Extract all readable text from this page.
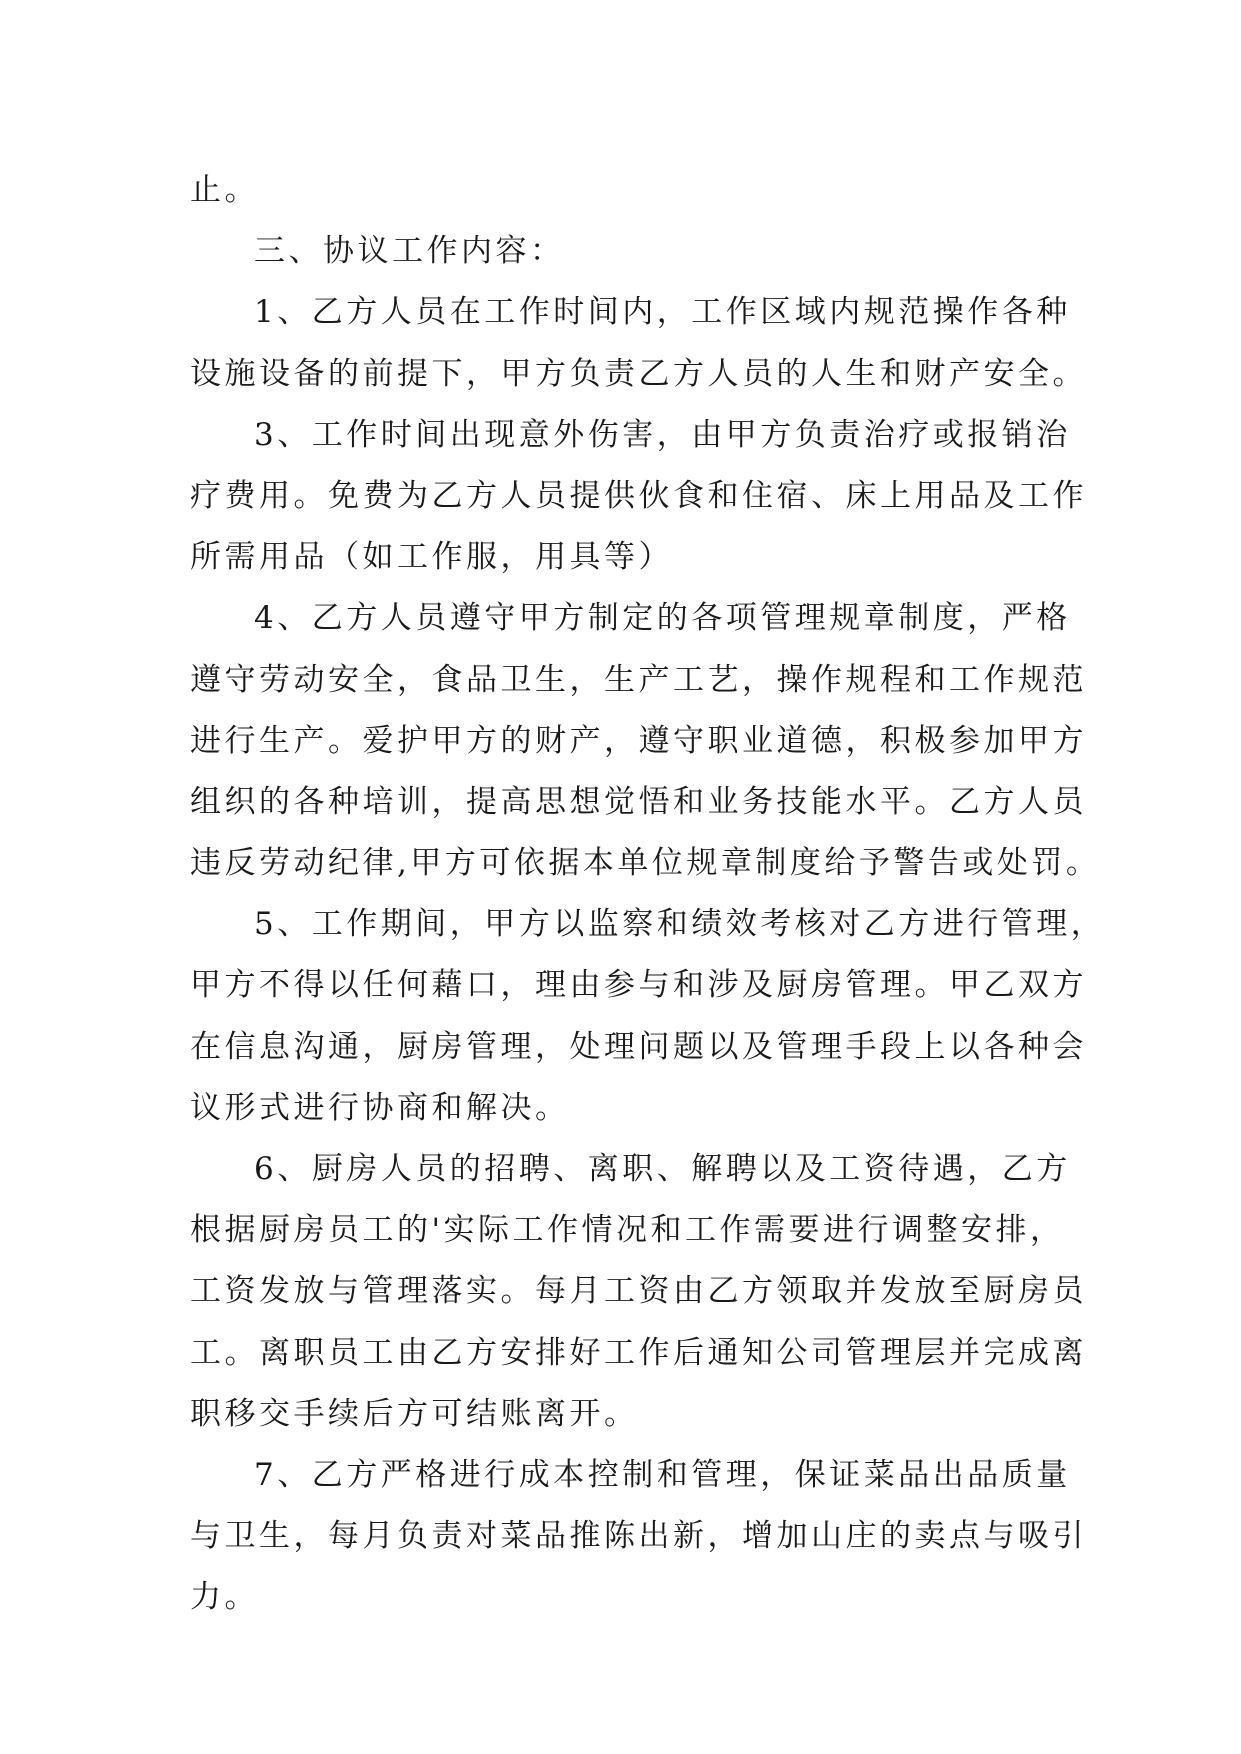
止。
三、协议工作内容：
1、乙方人员在工作时间内，工作区域内规范操作各种
设施设备的前提下，甲方负责乙方人员的人生和财产安全。
3、工作时间出现意外伤害，由甲方负责治疗或报销治
疗费用。免费为乙方人员提供伙食和住宿、床上用品及工作
所需用品（如工作服，用具等）
4、乙方人员遵守甲方制定的各项管理规章制度，严格
遵守劳动安全，食品卫生，生产工艺，操作规程和工作规范
进行生产。爱护甲方的财产，遵守职业道德，积极参加甲方
组织的各种培训，提高思想觉悟和业务技能水平。乙方人员
违反劳动纪律,甲方可依据本单位规章制度给予警告或处罚。
5、工作期间，甲方以监察和绩效考核对乙方进行管理，
甲方不得以任何藉口，理由参与和涉及厨房管理。甲乙双方
在信息沟通，厨房管理，处理问题以及管理手段上以各种会
议形式进行协商和解决。
6、厨房人员的招聘、离职、解聘以及工资待遇，乙方
根据厨房员工的'实际工作情况和工作需要进行调整安排，
工资发放与管理落实。每月工资由乙方领取并发放至厨房员
工。离职员工由乙方安排好工作后通知公司管理层并完成离
职移交手续后方可结账离开。
7、乙方严格进行成本控制和管理，保证菜品出品质量
与卫生，每月负责对菜品推陈出新，增加山庄的卖点与吸引
力。
